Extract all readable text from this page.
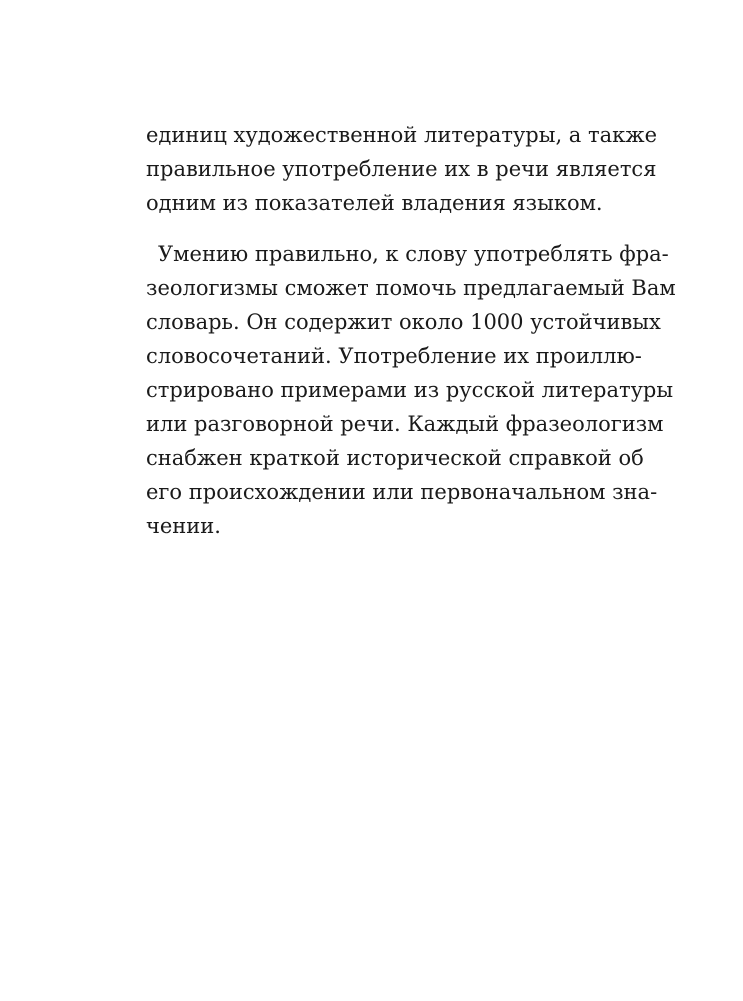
единиц художественной литературы, а также
правильное употребление их в речи является
одним из показателей владения языком.
Умению правильно, к слову употреблять фра-
зеологизмы сможет помочь предлагаемый Вам
словарь. Он содержит около 1000 устойчивых
словосочетаний. Употребление их проиллю-
стрировано примерами из русской литературы
или разговорной речи. Каждый фразеологизм
снабжен краткой исторической справкой об
его происхождении или первоначальном зна-
чении.
